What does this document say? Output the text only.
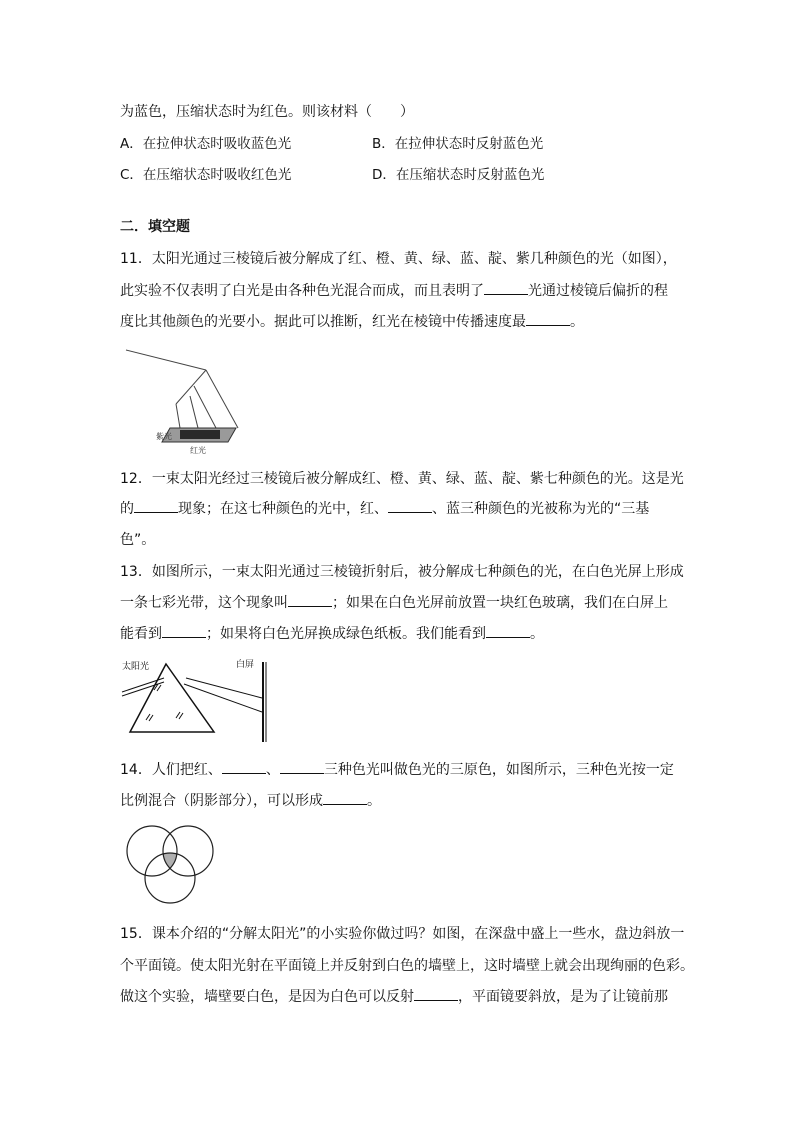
为蓝色，压缩状态时为红色。则该材料（　　）
A．在拉伸状态时吸收蓝色光	B．在拉伸状态时反射蓝色光
C．在压缩状态时吸收红色光	D．在压缩状态时反射蓝色光
二．填空题
11．太阳光通过三棱镜后被分解成了红、橙、黄、绿、蓝、靛、紫几种颜色的光（如图），
此实验不仅表明了白光是由各种色光混合而成，而且表明了	光通过棱镜后偏折的程
度比其他颜色的光要小。据此可以推断，红光在棱镜中传播速度最	。
紫光
红光
12．一束太阳光经过三棱镜后被分解成红、橙、黄、绿、蓝、靛、紫七种颜色的光。这是光
的	现象；在这七种颜色的光中，红、	、蓝三种颜色的光被称为光的“三基
色”。
13．如图所示，一束太阳光通过三棱镜折射后，被分解成七种颜色的光，在白色光屏上形成
一条七彩光带，这个现象叫	；如果在白色光屏前放置一块红色玻璃，我们在白屏上
能看到	；如果将白色光屏换成绿色纸板。我们能看到	。
太阳光	白屏
14．人们把红、	、	三种色光叫做色光的三原色，如图所示，三种色光按一定
比例混合（阴影部分），可以形成	。
15．课本介绍的“分解太阳光”的小实验你做过吗？如图，在深盘中盛上一些水，盘边斜放一
个平面镜。使太阳光射在平面镜上并反射到白色的墙壁上，这时墙壁上就会出现绚丽的色彩。
做这个实验，墙壁要白色，是因为白色可以反射	，平面镜要斜放，是为了让镜前那
